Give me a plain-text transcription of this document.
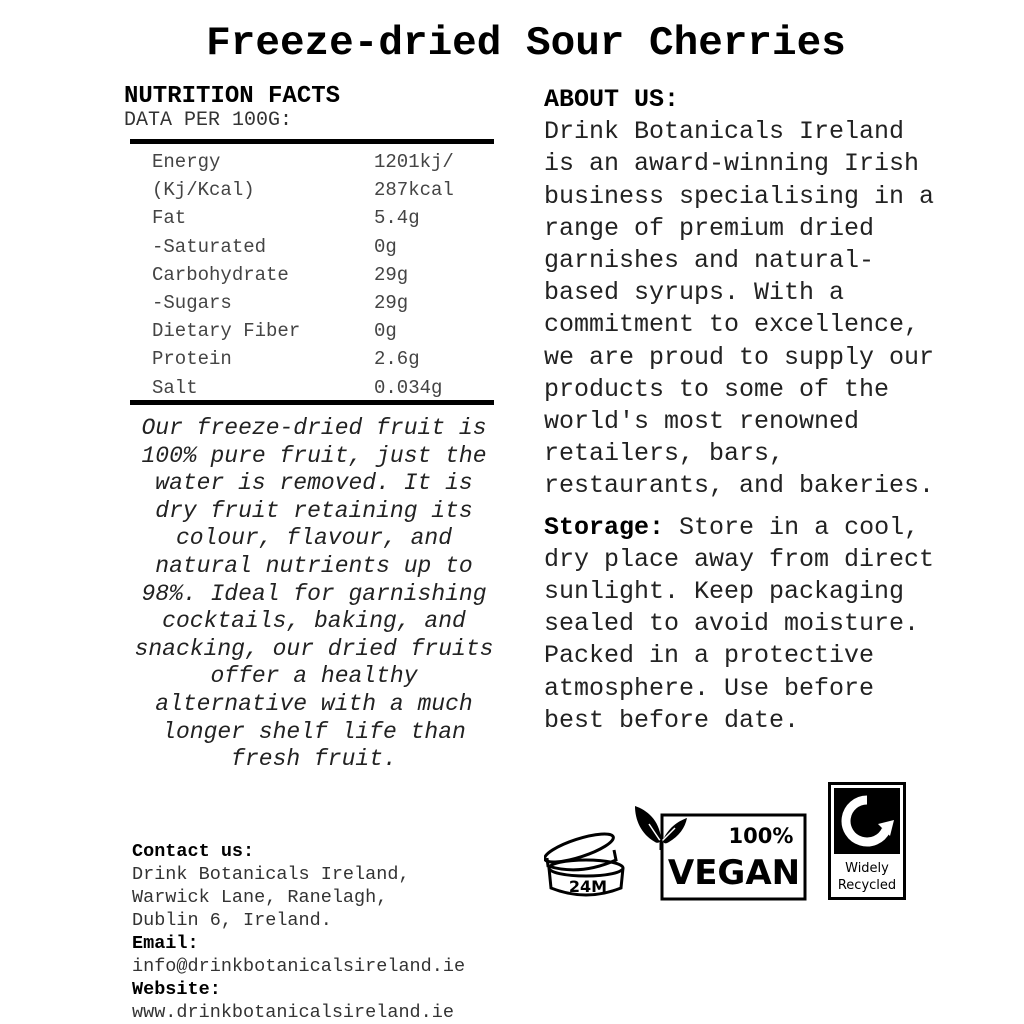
Freeze-dried Sour Cherries
NUTRITION FACTS
DATA PER 100G:
Energy	1201kj/
(Kj/Kcal)	287kcal
Fat	5.4g
-Saturated	0g
Carbohydrate	29g
-Sugars	29g
Dietary Fiber	0g
Protein	2.6g
Salt	0.034g
Our freeze-dried fruit is 100% pure fruit, just the water is removed. It is dry fruit retaining its colour, flavour, and natural nutrients up to 98%. Ideal for garnishing cocktails, baking, and snacking, our dried fruits offer a healthy alternative with a much longer shelf life than fresh fruit.
Contact us:
Drink Botanicals Ireland,
Warwick Lane, Ranelagh,
Dublin 6, Ireland.
Email:
info@drinkbotanicalsireland.ie
Website:
www.drinkbotanicalsireland.ie
ABOUT US:
Drink Botanicals Ireland is an award-winning Irish business specialising in a range of premium dried garnishes and natural-based syrups. With a commitment to excellence, we are proud to supply our products to some of the world's most renowned retailers, bars, restaurants, and bakeries.
Storage: Store in a cool, dry place away from direct sunlight. Keep packaging sealed to avoid moisture. Packed in a protective atmosphere. Use before best before date.
24M
100%
VEGAN	Widely
Recycled
